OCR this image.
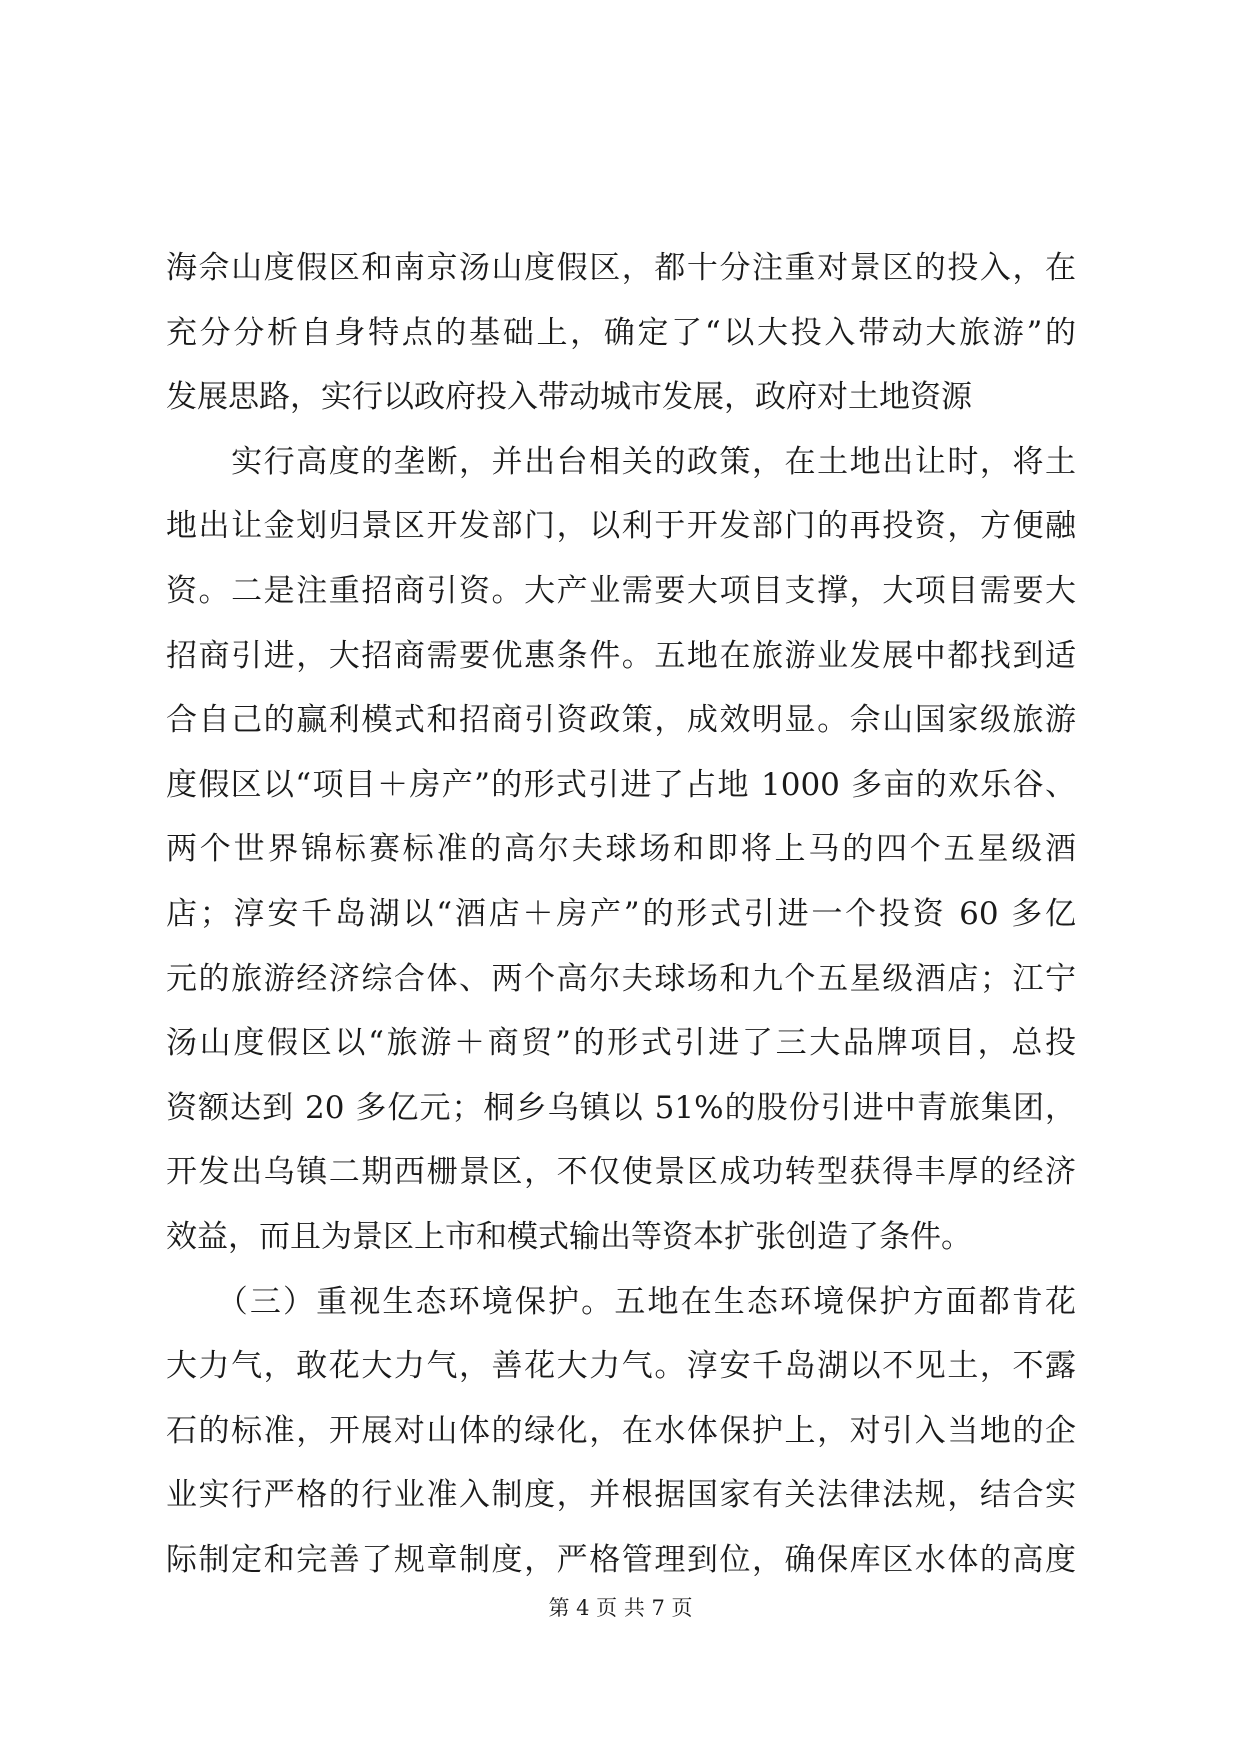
海佘山度假区和南京汤山度假区，都十分注重对景区的投入，在
充分分析自身特点的基础上，确定了“以大投入带动大旅游”的
发展思路，实行以政府投入带动城市发展，政府对土地资源
　　实行高度的垄断，并出台相关的政策，在土地出让时，将土
地出让金划归景区开发部门，以利于开发部门的再投资，方便融
资。二是注重招商引资。大产业需要大项目支撑，大项目需要大
招商引进，大招商需要优惠条件。五地在旅游业发展中都找到适
合自己的赢利模式和招商引资政策，成效明显。佘山国家级旅游
度假区以“项目＋房产”的形式引进了占地 1000 多亩的欢乐谷、
两个世界锦标赛标准的高尔夫球场和即将上马的四个五星级酒
店；淳安千岛湖以“酒店＋房产”的形式引进一个投资 60 多亿
元的旅游经济综合体、两个高尔夫球场和九个五星级酒店；江宁
汤山度假区以“旅游＋商贸”的形式引进了三大品牌项目，总投
资额达到 20 多亿元；桐乡乌镇以 51%的股份引进中青旅集团，
开发出乌镇二期西栅景区，不仅使景区成功转型获得丰厚的经济
效益，而且为景区上市和模式输出等资本扩张创造了条件。
　　（三）重视生态环境保护。五地在生态环境保护方面都肯花
大力气，敢花大力气，善花大力气。淳安千岛湖以不见土，不露
石的标准，开展对山体的绿化，在水体保护上，对引入当地的企
业实行严格的行业准入制度，并根据国家有关法律法规，结合实
际制定和完善了规章制度，严格管理到位，确保库区水体的高度
第 4 页 共 7 页
